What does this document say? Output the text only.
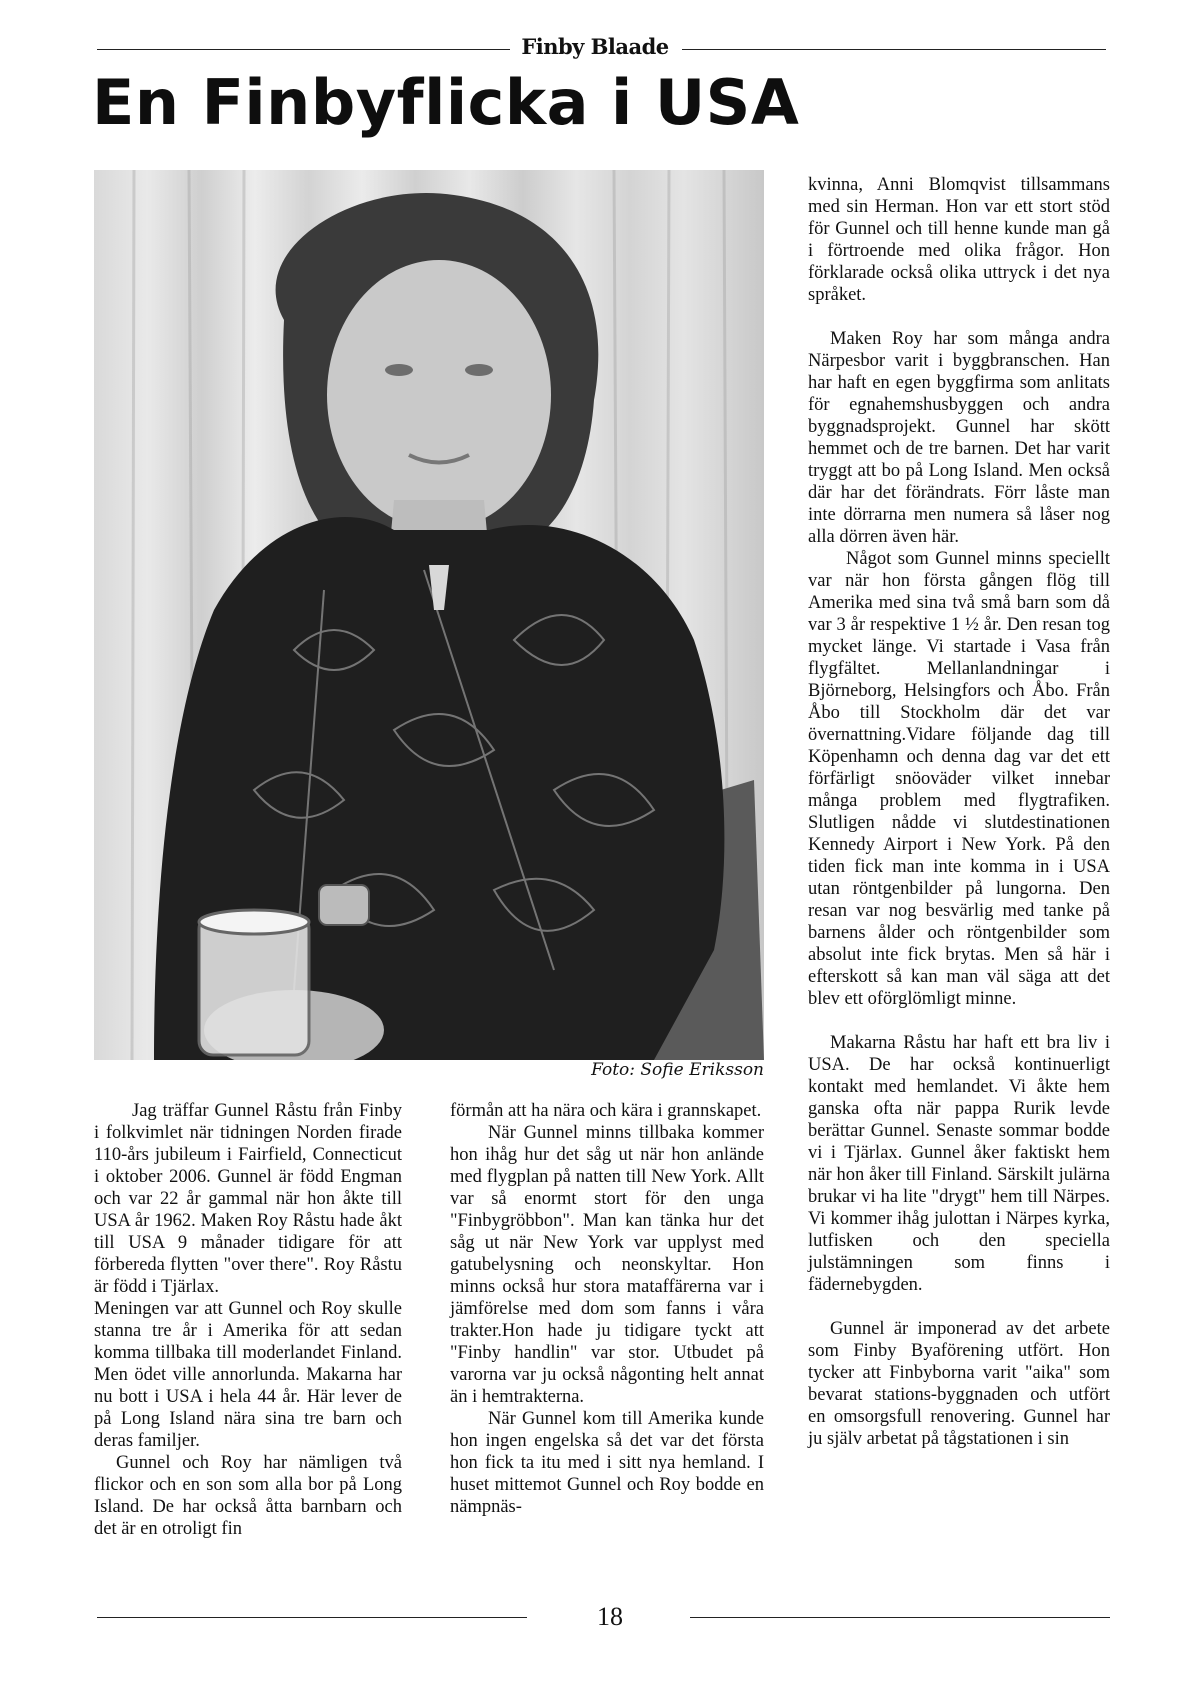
Finby Blaade
En Finbyflicka i USA
Foto: Sofie Eriksson

Jag träffar Gunnel Råstu från Finby i folkvimlet när tidningen Norden firade 110-års jubileum i Fairfield, Connecticut i oktober 2006. Gunnel är född Engman och var 22 år gammal när hon åkte till USA år 1962. Maken Roy Råstu hade åkt till USA 9 månader tidigare för att förbereda flytten "over there". Roy Råstu är född i Tjärlax.

Meningen var att Gunnel och Roy skulle stanna tre år i Amerika för att sedan komma tillbaka till moderlandet Finland. Men ödet ville annorlunda. Makarna har nu bott i USA i hela 44 år. Här lever de på Long Island nära sina tre barn och deras familjer.

Gunnel och Roy har nämligen två flickor och en son som alla bor på Long Island. De har också åtta barnbarn och det är en otroligt fin

förmån att ha nära och kära i grannskapet.

När Gunnel minns tillbaka kommer hon ihåg hur det såg ut när hon anlände med flygplan på natten till New York. Allt var så enormt stort för den unga "Finbygröbbon". Man kan tänka hur det såg ut när New York var upplyst med gatubelysning och neonskyltar. Hon minns också hur stora mataffärerna var i jämförelse med dom som fanns i våra trakter.Hon hade ju tidigare tyckt att "Finby handlin" var stor. Utbudet på varorna var ju också någonting helt annat än i hemtrakterna.

När Gunnel kom till Amerika kunde hon ingen engelska så det var det första hon fick ta itu med i sitt nya hemland. I huset mittemot Gunnel och Roy bodde en nämpnäs-

kvinna, Anni Blomqvist tillsammans med sin Herman. Hon var ett stort stöd för Gunnel och till henne kunde man gå i förtroende med olika frågor. Hon förklarade också olika uttryck i det nya språket.

Maken Roy har som många andra Närpesbor varit i byggbranschen. Han har haft en egen byggfirma som anlitats för egnahemshusbyggen och andra byggnadsprojekt. Gunnel har skött hemmet och de tre barnen. Det har varit tryggt att bo på Long Island. Men också där har det förändrats. Förr låste man inte dörrarna men numera så låser nog alla dörren även här.

Något som Gunnel minns speciellt var när hon första gången flög till Amerika med sina två små barn som då var 3 år respektive 1 ½ år. Den resan tog mycket länge. Vi startade i Vasa från flygfältet. Mellanlandningar i Björneborg, Helsingfors och Åbo. Från Åbo till Stockholm där det var övernattning.Vidare följande dag till Köpenhamn och denna dag var det ett förfärligt snöoväder vilket innebar många problem med flygtrafiken. Slutligen nådde vi slutdestinationen Kennedy Airport i New York. På den tiden fick man inte komma in i USA utan röntgenbilder på lungorna. Den resan var nog besvärlig med tanke på barnens ålder och röntgenbilder som absolut inte fick brytas. Men så här i efterskott så kan man väl säga att det blev ett oförglömligt minne.

Makarna Råstu har haft ett bra liv i USA. De har också kontinuerligt kontakt med hemlandet. Vi åkte hem ganska ofta när pappa Rurik levde berättar Gunnel. Senaste sommar bodde vi i Tjärlax. Gunnel åker faktiskt hem när hon åker till Finland. Särskilt julärna brukar vi ha lite "drygt" hem till Närpes. Vi kommer ihåg julottan i Närpes kyrka, lutfisken och den speciella julstämningen som finns i fädernebygden.

Gunnel är imponerad av det arbete som Finby Byaförening utfört. Hon tycker att Finbyborna varit "aika" som bevarat stations-byggnaden och utfört en omsorgsfull renovering. Gunnel har ju själv arbetat på tågstationen i sin

18
